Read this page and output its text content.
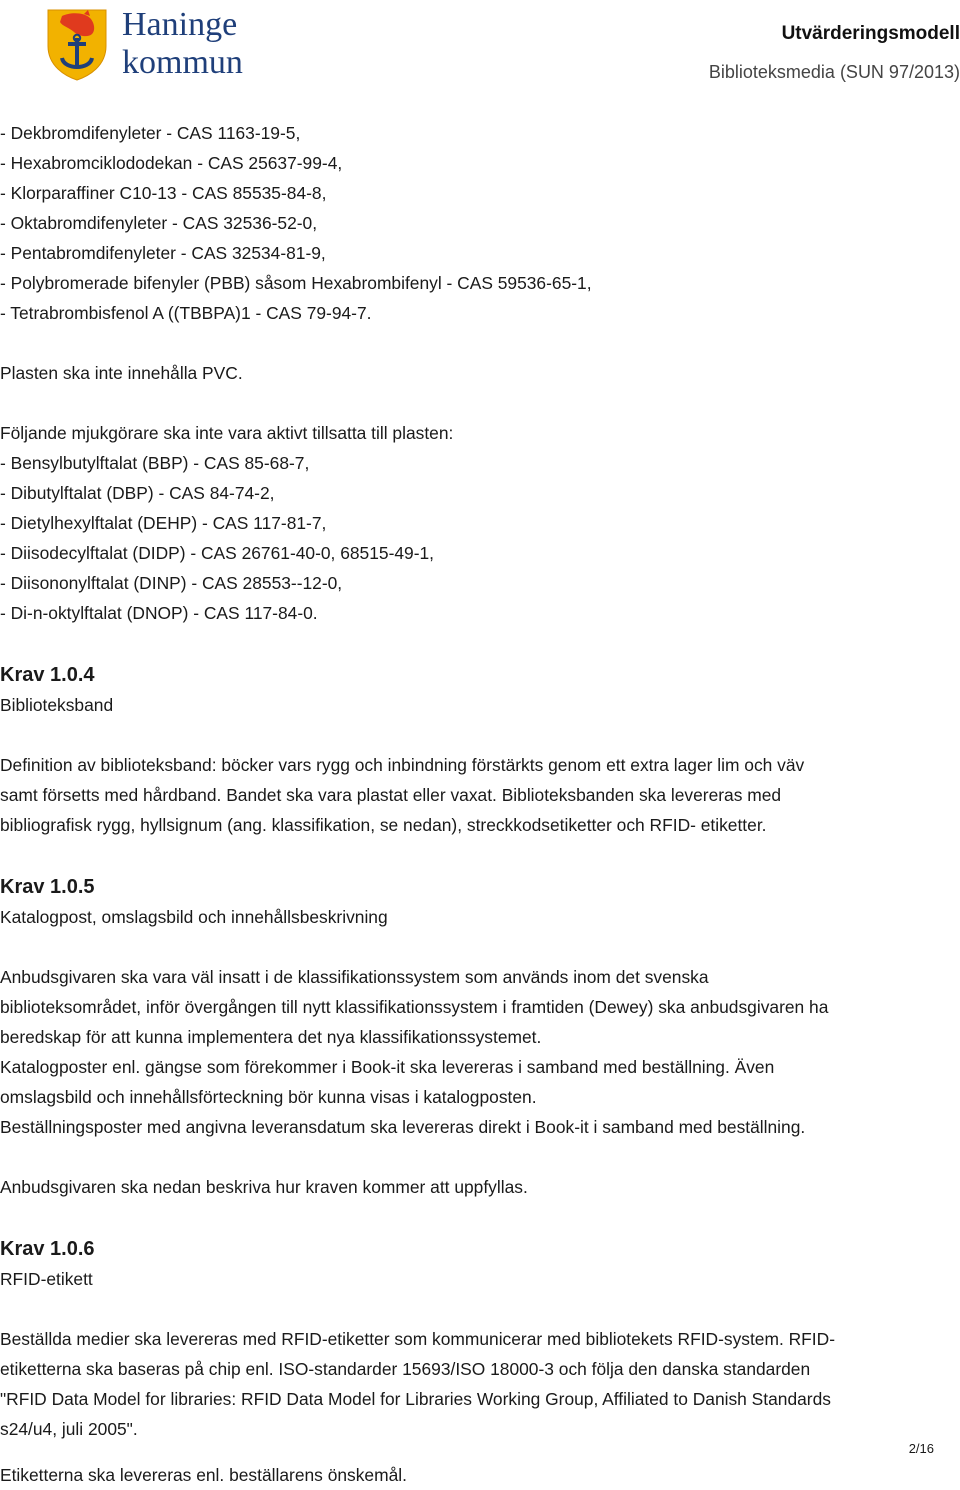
Haninge
kommun
Utvärderingsmodell
Biblioteksmedia (SUN 97/2013)

- Dekbromdifenyleter - CAS 1163-19-5,

- Hexabromciklododekan - CAS 25637-99-4,

- Klorparaffiner C10-13 - CAS 85535-84-8,

- Oktabromdifenyleter - CAS 32536-52-0,

- Pentabromdifenyleter - CAS 32534-81-9,

- Polybromerade bifenyler (PBB) såsom Hexabrombifenyl - CAS 59536-65-1,

- Tetrabrombisfenol A ((TBBPA)1 - CAS 79-94-7.

Plasten ska inte innehålla PVC.

Följande mjukgörare ska inte vara aktivt tillsatta till plasten:

- Bensylbutylftalat (BBP) - CAS 85-68-7,

- Dibutylftalat (DBP) - CAS 84-74-2,

- Dietylhexylftalat (DEHP) - CAS 117-81-7,

- Diisodecylftalat (DIDP) - CAS 26761-40-0, 68515-49-1,

- Diisononylftalat (DINP) - CAS 28553--12-0,

- Di-n-oktylftalat (DNOP) - CAS 117-84-0.

Krav 1.0.4

Biblioteksband

Definition av biblioteksband: böcker vars rygg och inbindning förstärkts genom ett extra lager lim och väv

samt försetts med hårdband. Bandet ska vara plastat eller vaxat. Biblioteksbanden ska levereras med

bibliografisk rygg, hyllsignum (ang. klassifikation, se nedan), streckkodsetiketter och RFID- etiketter.

Krav 1.0.5

Katalogpost, omslagsbild och innehållsbeskrivning

Anbudsgivaren ska vara väl insatt i de klassifikationssystem som används inom det svenska

biblioteksområdet, inför övergången till nytt klassifikationssystem i framtiden (Dewey) ska anbudsgivaren ha

beredskap för att kunna implementera det nya klassifikationssystemet.

Katalogposter enl. gängse som förekommer i Book-it ska levereras i samband med beställning. Även

omslagsbild och innehållsförteckning bör kunna visas i katalogposten.

Beställningsposter med angivna leveransdatum ska levereras direkt i Book-it i samband med beställning.

Anbudsgivaren ska nedan beskriva hur kraven kommer att uppfyllas.

Krav 1.0.6

RFID-etikett

Beställda medier ska levereras med RFID-etiketter som kommunicerar med bibliotekets RFID-system. RFID-

etiketterna ska baseras på chip enl. ISO-standarder 15693/ISO 18000-3 och följa den danska standarden

"RFID Data Model for libraries: RFID Data Model for Libraries Working Group, Affiliated to Danish Standards

s24/u4, juli 2005".

2/16
Etiketterna ska levereras enl. beställarens önskemål.
